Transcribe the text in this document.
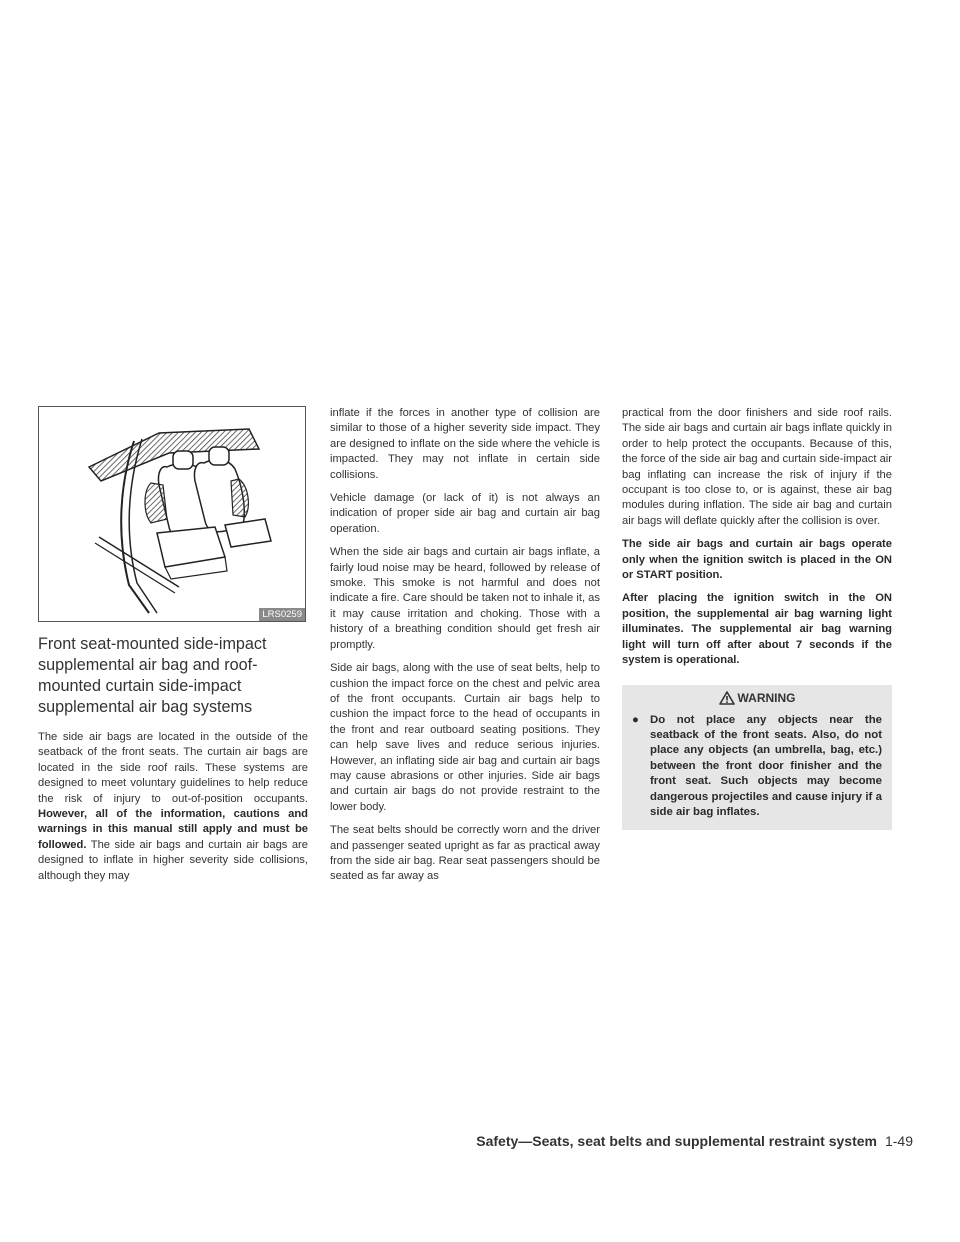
LRS0259
Front seat-mounted side-impact supplemental air bag and roof-mounted curtain side-impact supplemental air bag systems

The side air bags are located in the outside of the seatback of the front seats. The curtain air bags are located in the side roof rails. These systems are designed to meet voluntary guidelines to help reduce the risk of injury to out-of-position occupants. However, all of the information, cautions and warnings in this manual still apply and must be followed. The side air bags and curtain air bags are designed to inflate in higher severity side collisions, although they may

inflate if the forces in another type of collision are similar to those of a higher severity side impact. They are designed to inflate on the side where the vehicle is impacted. They may not inflate in certain side collisions.

Vehicle damage (or lack of it) is not always an indication of proper side air bag and curtain air bag operation.

When the side air bags and curtain air bags inflate, a fairly loud noise may be heard, followed by release of smoke. This smoke is not harmful and does not indicate a fire. Care should be taken not to inhale it, as it may cause irritation and choking. Those with a history of a breathing condition should get fresh air promptly.

Side air bags, along with the use of seat belts, help to cushion the impact force on the chest and pelvic area of the front occupants. Curtain air bags help to cushion the impact force to the head of occupants in the front and rear outboard seating positions. They can help save lives and reduce serious injuries. However, an inflating side air bag and curtain air bags may cause abrasions or other injuries. Side air bags and curtain air bags do not provide restraint to the lower body.

The seat belts should be correctly worn and the driver and passenger seated upright as far as practical away from the side air bag. Rear seat passengers should be seated as far away as

practical from the door finishers and side roof rails. The side air bags and curtain air bags inflate quickly in order to help protect the occupants. Because of this, the force of the side air bag and curtain side-impact air bag inflating can increase the risk of injury if the occupant is too close to, or is against, these air bag modules during inflation. The side air bag and curtain air bags will deflate quickly after the collision is over.

The side air bags and curtain air bags operate only when the ignition switch is placed in the ON or START position.

After placing the ignition switch in the ON position, the supplemental air bag warning light illuminates. The supplemental air bag warning light will turn off after about 7 seconds if the system is operational.

WARNING
● Do not place any objects near the seatback of the front seats. Also, do not place any objects (an umbrella, bag, etc.) between the front door finisher and the front seat. Such objects may become dangerous projectiles and cause injury if a side air bag inflates.
Safety—Seats, seat belts and supplemental restraint system 1-49
